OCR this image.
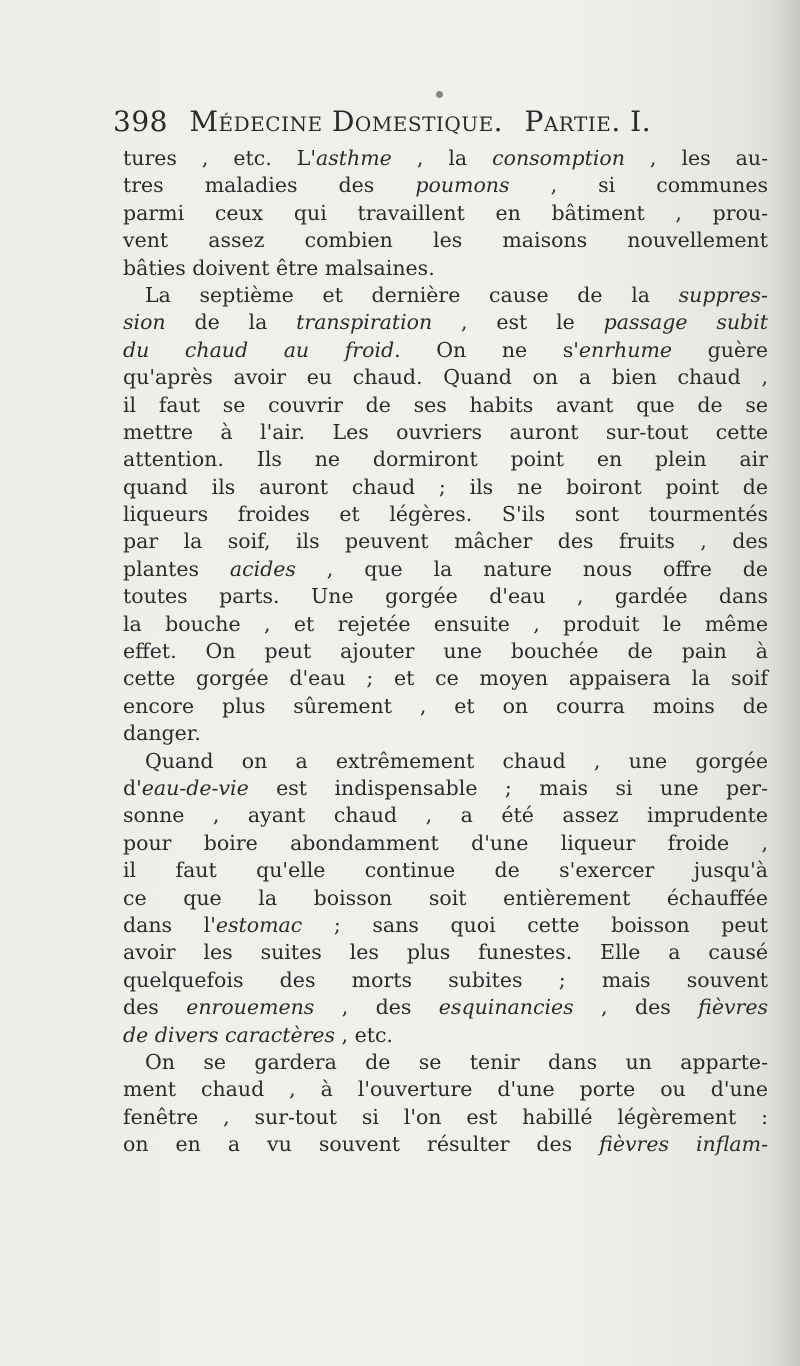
398 Médecine Domestique. Partie. I.
tures , etc. L'asthme , la consomption , les au-
tres maladies des poumons , si communes
parmi ceux qui travaillent en bâtiment , prou-
vent assez combien les maisons nouvellement
bâties doivent être malsaines.
La septième et dernière cause de la suppres-
sion de la transpiration , est le passage subit
du chaud au froid. On ne s'enrhume guère
qu'après avoir eu chaud. Quand on a bien chaud ,
il faut se couvrir de ses habits avant que de se
mettre à l'air. Les ouvriers auront sur-tout cette
attention. Ils ne dormiront point en plein air
quand ils auront chaud ; ils ne boiront point de
liqueurs froides et légères. S'ils sont tourmentés
par la soif, ils peuvent mâcher des fruits , des
plantes acides , que la nature nous offre de
toutes parts. Une gorgée d'eau , gardée dans
la bouche , et rejetée ensuite , produit le même
effet. On peut ajouter une bouchée de pain à
cette gorgée d'eau ; et ce moyen appaisera la soif
encore plus sûrement , et on courra moins de
danger.
Quand on a extrêmement chaud , une gorgée
d'eau-de-vie est indispensable ; mais si une per-
sonne , ayant chaud , a été assez imprudente
pour boire abondamment d'une liqueur froide ,
il faut qu'elle continue de s'exercer jusqu'à
ce que la boisson soit entièrement échauffée
dans l'estomac ; sans quoi cette boisson peut
avoir les suites les plus funestes. Elle a causé
quelquefois des morts subites ; mais souvent
des enrouemens , des esquinancies , des fièvres
de divers caractères , etc.
On se gardera de se tenir dans un apparte-
ment chaud , à l'ouverture d'une porte ou d'une
fenêtre , sur-tout si l'on est habillé légèrement :
on en a vu souvent résulter des fièvres inflam-
